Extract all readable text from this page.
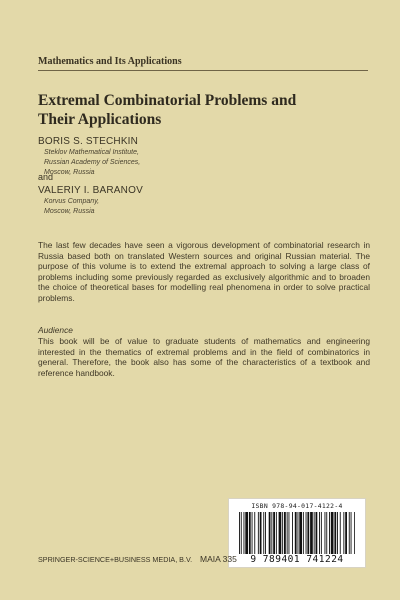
Mathematics and Its Applications
Extremal Combinatorial Problems and
Their Applications
BORIS S. STECHKIN
Steklov Mathematical Institute,
Russian Academy of Sciences,
Moscow, Russia
and
VALERIY I. BARANOV
Korvus Company,
Moscow, Russia

The last few decades have seen a vigorous development of combinatorial research in Russia based both on translated Western sources and original Russian material. The purpose of this volume is to extend the extremal approach to solving a large class of problems including some previously regarded as exclusively algorithmic and to broaden the choice of theoretical bases for modelling real phenomena in order to solve practical problems.

Audience

This book will be of value to graduate students of mathematics and engineering interested in the thematics of extremal problems and in the field of combinatorics in general. Therefore, the book also has some of the characteristics of a textbook and reference handbook.

ISBN 978-94-017-4122-4
9 789401 741224
SPRINGER-SCIENCE+BUSINESS MEDIA, B.V. MAIA 335
